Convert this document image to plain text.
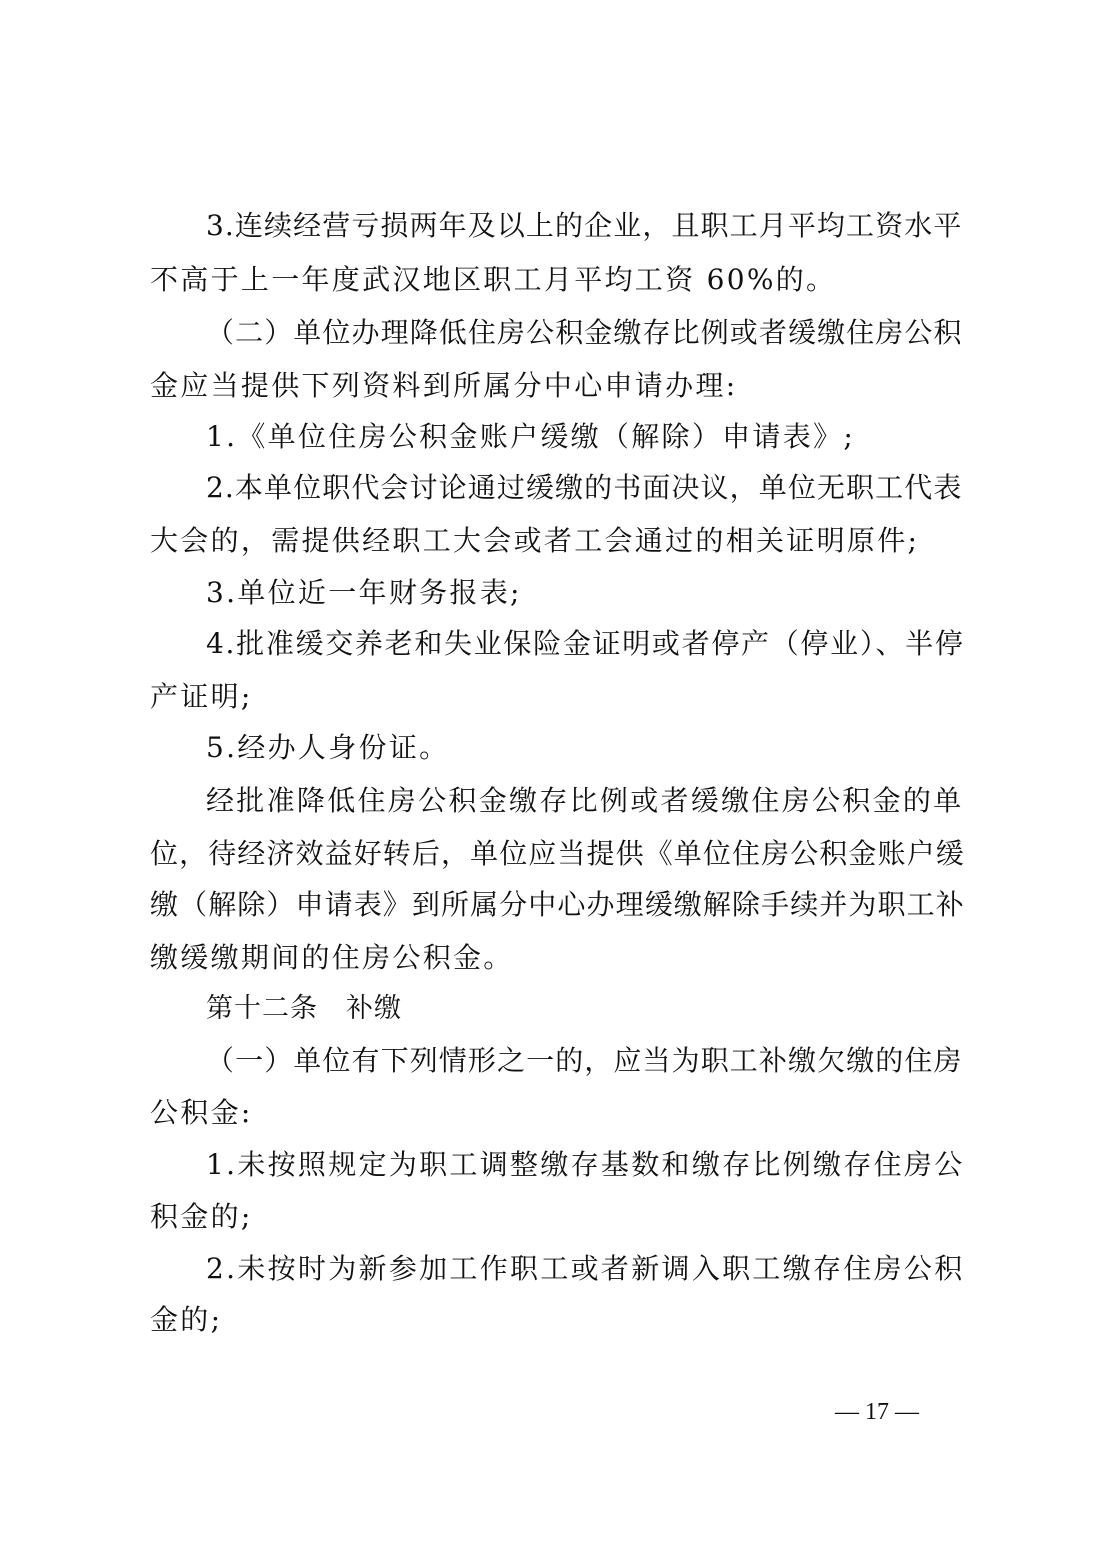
3.连续经营亏损两年及以上的企业，且职工月平均工资水平
不高于上一年度武汉地区职工月平均工资 60%的。
（二）单位办理降低住房公积金缴存比例或者缓缴住房公积
金应当提供下列资料到所属分中心申请办理:
1.《单位住房公积金账户缓缴（解除）申请表》;
2.本单位职代会讨论通过缓缴的书面决议，单位无职工代表
大会的，需提供经职工大会或者工会通过的相关证明原件;
3.单位近一年财务报表;
4.批准缓交养老和失业保险金证明或者停产（停业）、半停
产证明;
5.经办人身份证。
经批准降低住房公积金缴存比例或者缓缴住房公积金的单
位，待经济效益好转后，单位应当提供《单位住房公积金账户缓
缴（解除）申请表》到所属分中心办理缓缴解除手续并为职工补
缴缓缴期间的住房公积金。
第十二条　补缴
（一）单位有下列情形之一的，应当为职工补缴欠缴的住房
公积金:
1.未按照规定为职工调整缴存基数和缴存比例缴存住房公
积金的;
2.未按时为新参加工作职工或者新调入职工缴存住房公积
金的;
— 17 —
